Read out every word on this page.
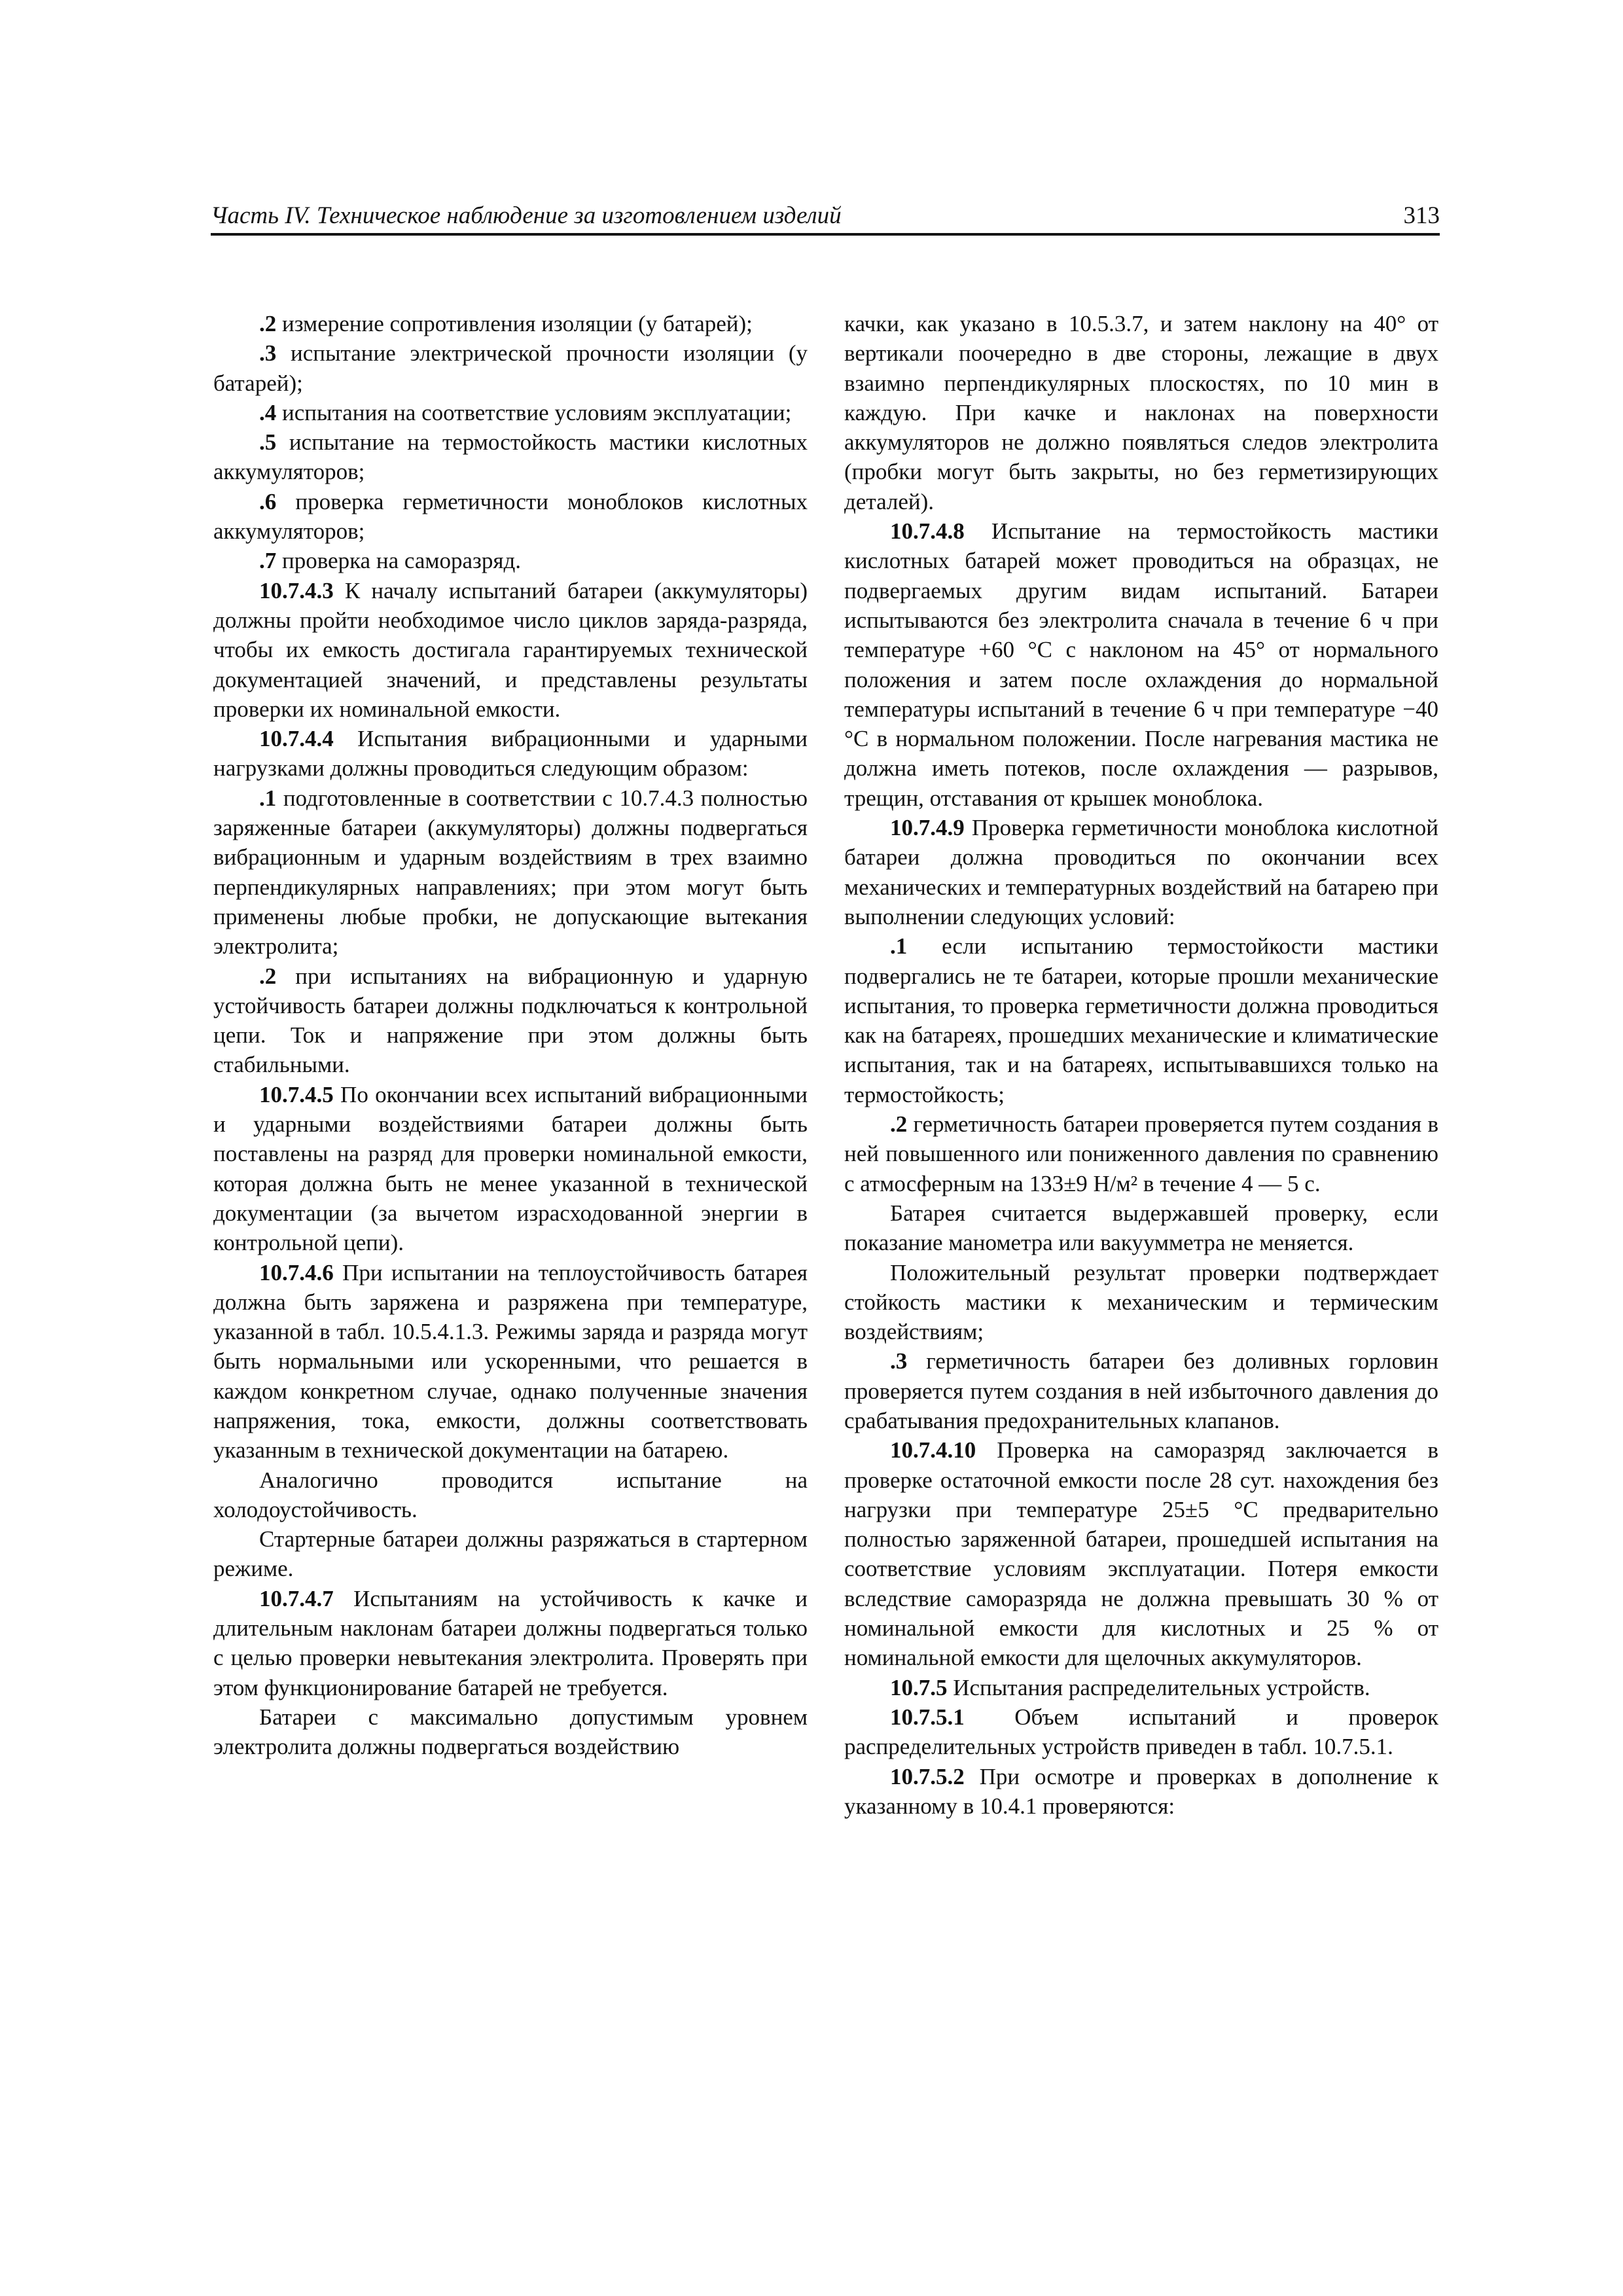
Часть IV. Техническое наблюдение за изготовлением изделий	313

.2 измерение сопротивления изоляции (у батарей);

.3 испытание электрической прочности изоляции (у батарей);

.4 испытания на соответствие условиям эксплуатации;

.5 испытание на термостойкость мастики кислотных аккумуляторов;

.6 проверка герметичности моноблоков кислотных аккумуляторов;

.7 проверка на саморазряд.

10.7.4.3 К началу испытаний батареи (аккумуляторы) должны пройти необходимое число циклов заряда-разряда, чтобы их емкость достигала гарантируемых технической документацией значений, и представлены результаты проверки их номинальной емкости.

10.7.4.4 Испытания вибрационными и ударными нагрузками должны проводиться следующим образом:

.1 подготовленные в соответствии с 10.7.4.3 полностью заряженные батареи (аккумуляторы) должны подвергаться вибрационным и ударным воздействиям в трех взаимно перпендикулярных направлениях; при этом могут быть применены любые пробки, не допускающие вытекания электролита;

.2 при испытаниях на вибрационную и ударную устойчивость батареи должны подключаться к контрольной цепи. Ток и напряжение при этом должны быть стабильными.

10.7.4.5 По окончании всех испытаний вибрационными и ударными воздействиями батареи должны быть поставлены на разряд для проверки номинальной емкости, которая должна быть не менее указанной в технической документации (за вычетом израсходованной энергии в контрольной цепи).

10.7.4.6 При испытании на теплоустойчивость батарея должна быть заряжена и разряжена при температуре, указанной в табл. 10.5.4.1.3. Режимы заряда и разряда могут быть нормальными или ускоренными, что решается в каждом конкретном случае, однако полученные значения напряжения, тока, емкости, должны соответствовать указанным в технической документации на батарею.

Аналогично проводится испытание на холодоустойчивость.

Стартерные батареи должны разряжаться в стартерном режиме.

10.7.4.7 Испытаниям на устойчивость к качке и длительным наклонам батареи должны подвергаться только с целью проверки невытекания электролита. Проверять при этом функционирование батарей не требуется.

Батареи с максимально допустимым уровнем электролита должны подвергаться воздействию

качки, как указано в 10.5.3.7, и затем наклону на 40° от вертикали поочередно в две стороны, лежащие в двух взаимно перпендикулярных плоскостях, по 10 мин в каждую. При качке и наклонах на поверхности аккумуляторов не должно появляться следов электролита (пробки могут быть закрыты, но без герметизирующих деталей).

10.7.4.8 Испытание на термостойкость мастики кислотных батарей может проводиться на образцах, не подвергаемых другим видам испытаний. Батареи испытываются без электролита сначала в течение 6 ч при температуре +60 °С с наклоном на 45° от нормального положения и затем после охлаждения до нормальной температуры испытаний в течение 6 ч при температуре −40 °С в нормальном положении. После нагревания мастика не должна иметь потеков, после охлаждения — разрывов, трещин, отставания от крышек моноблока.

10.7.4.9 Проверка герметичности моноблока кислотной батареи должна проводиться по окончании всех механических и температурных воздействий на батарею при выполнении следующих условий:

.1 если испытанию термостойкости мастики подвергались не те батареи, которые прошли механические испытания, то проверка герметичности должна проводиться как на батареях, прошедших механические и климатические испытания, так и на батареях, испытывавшихся только на термостойкость;

.2 герметичность батареи проверяется путем создания в ней повышенного или пониженного давления по сравнению с атмосферным на 133±9 Н/м² в течение 4 — 5 с.

Батарея считается выдержавшей проверку, если показание манометра или вакуумметра не меняется.

Положительный результат проверки подтверждает стойкость мастики к механическим и термическим воздействиям;

.3 герметичность батареи без доливных горловин проверяется путем создания в ней избыточного давления до срабатывания предохранительных клапанов.

10.7.4.10 Проверка на саморазряд заключается в проверке остаточной емкости после 28 сут. нахождения без нагрузки при температуре 25±5 °С предварительно полностью заряженной батареи, прошедшей испытания на соответствие условиям эксплуатации. Потеря емкости вследствие саморазряда не должна превышать 30 % от номинальной емкости для кислотных и 25 % от номинальной емкости для щелочных аккумуляторов.

10.7.5 Испытания распределительных устройств.

10.7.5.1 Объем испытаний и проверок распределительных устройств приведен в табл. 10.7.5.1.

10.7.5.2 При осмотре и проверках в дополнение к указанному в 10.4.1 проверяются:
